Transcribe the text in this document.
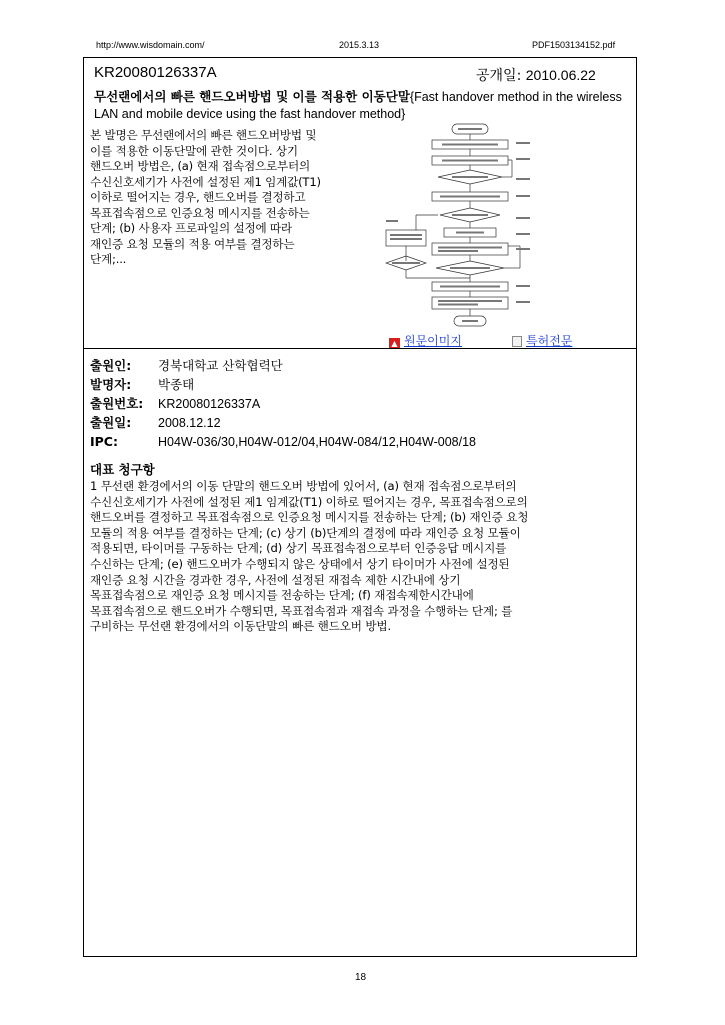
http://www.wisdomain.com/	2015.3.13	PDF1503134152.pdf
KR20080126337A	공개일: 2010.06.22
무선랜에서의 빠른 핸드오버방법 및 이를 적용한 이동단말{Fast handover method in the wireless LAN and mobile device using the fast handover method}
본 발명은 무선랜에서의 빠른 핸드오버방법 및
이를 적용한 이동단말에 관한 것이다. 상기
핸드오버 방법은, (a) 현재 접속점으로부터의
수신신호세기가 사전에 설정된 제1 임계값(T1)
이하로 떨어지는 경우, 핸드오버를 결정하고
목표접속점으로 인증요청 메시지를 전송하는
단계; (b) 사용자 프로파일의 설정에 따라
재인증 요청 모듈의 적용 여부를 결정하는
단계;...
▲ 원문이미지	특허전문
출원인: 경북대학교 산학협력단
발명자: 박종태
출원번호: KR20080126337A
출원일: 2008.12.12
IPC:	H04W-036/30,H04W-012/04,H04W-084/12,H04W-008/18
대표 청구항
1 무선랜 환경에서의 이동 단말의 핸드오버 방법에 있어서, (a) 현재 접속점으로부터의
수신신호세기가 사전에 설정된 제1 임계값(T1) 이하로 떨어지는 경우, 목표접속점으로의
핸드오버를 결정하고 목표접속점으로 인증요청 메시지를 전송하는 단계; (b) 재인증 요청
모듈의 적용 여부를 결정하는 단계; (c) 상기 (b)단계의 결정에 따라 재인증 요청 모듈이
적용되면, 타이머를 구동하는 단계; (d) 상기 목표접속점으로부터 인증응답 메시지를
수신하는 단계; (e) 핸드오버가 수행되지 않은 상태에서 상기 타이머가 사전에 설정된
재인증 요청 시간을 경과한 경우, 사전에 설정된 재접속 제한 시간내에 상기
목표접속점으로 재인증 요청 메시지를 전송하는 단계; (f) 재접속제한시간내에
목표접속점으로 핸드오버가 수행되면, 목표접속점과 재접속 과정을 수행하는 단계; 를
구비하는 무선랜 환경에서의 이동단말의 빠른 핸드오버 방법.
18
